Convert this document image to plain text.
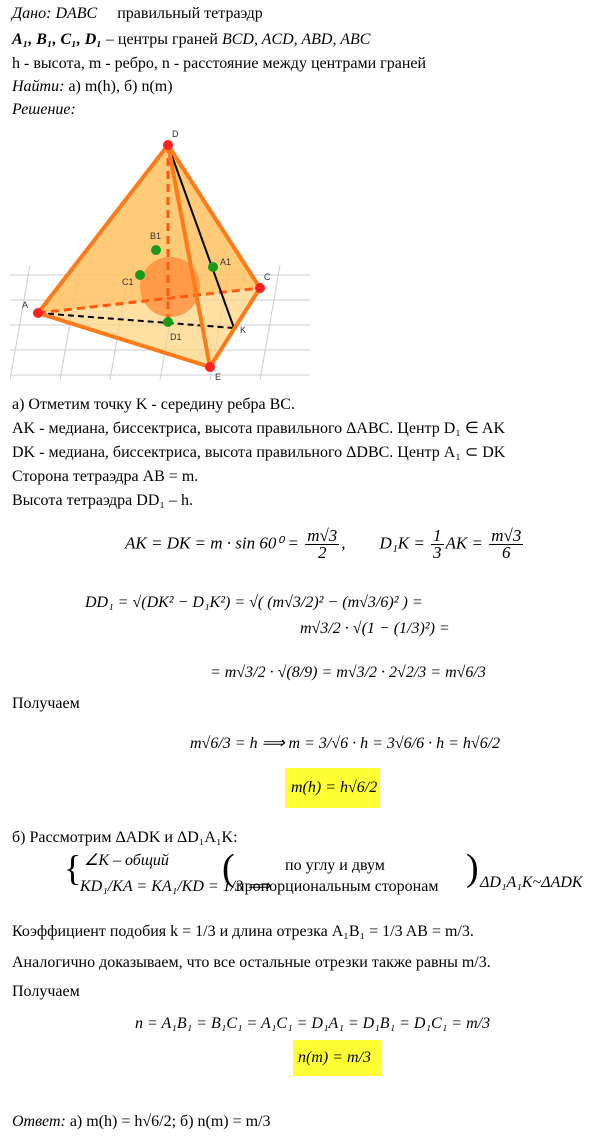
Дано: DABC правильный тетраэдр
A₁, B₁, C₁, D₁ – центры граней BCD, ACD, ABD, ABC
h - высота, m - ребро, n - расстояние между центрами граней
Найти: а) m(h), б) n(m)
Решение:
D
A
E
C
K
A1
B1
C1
D1
а) Отметим точку K - середину ребра BC.
AK - медиана, биссектриса, высота правильного ΔABC. Центр D₁ ∈ AK
DK - медиана, биссектриса, высота правильного ΔDBC. Центр A₁ ⊂ DK
Сторона тетраэдра AB = m.
Высота тетраэдра DD₁ – h.
AK = DK = $m \cdot \sin 60^0 = \frac{m√3}{2}$ , $D_1K = \frac{1}{3}$ AK = $\frac{m√3}{6}$
DD₁ = √(DK² − D₁K²) = √( (m√3/2)² − (m√3/6)² ) =
m√3/2 · √(1 − (1/3)²) =
= m√3/2 · √(8/9) = m√3/2 · 2√2/3 = m√6/3
Получаем
m√6/3 = h ⟹ m = 3/√6 · h = 3√6/6 · h = h√6/2
m(h) = h√6/2
б) Рассмотрим ΔADK и ΔD₁A₁K:
{ ∠K – общий
KD₁/KA = KA₁/KD = 1/3 ⟹
(	по углу и двум
пропорциональным сторонам ) ΔD₁A₁K~ΔADK
Коэффициент подобия k = 1/3 и длина отрезка A₁B₁ = 1/3 AB = m/3.
Аналогично доказываем, что все остальные отрезки также равны m/3.
Получаем
n = A₁B₁ = B₁C₁ = A₁C₁ = D₁A₁ = D₁B₁ = D₁C₁ = m/3
n(m) = m/3
Ответ: а) m(h) = h√6/2; б) n(m) = m/3
